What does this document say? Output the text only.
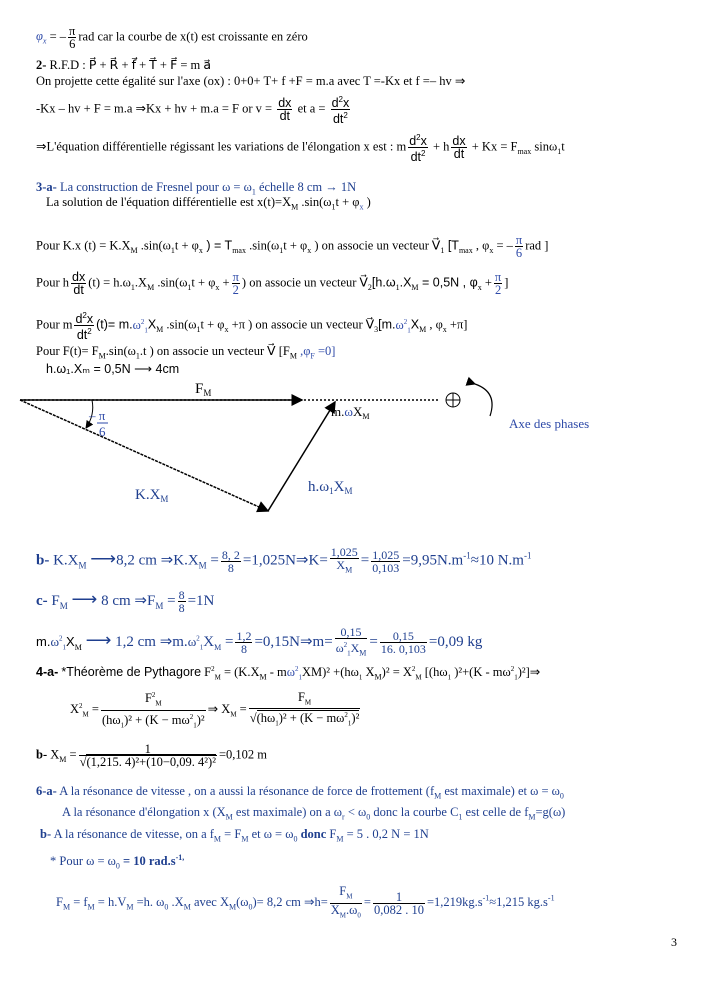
$\varphi_x$ = – $\frac{\pi}{6}$ rad car la courbe de x(t) est croissante en zéro
2- R.F.D : P⃗ + R⃗ + f⃗ + T⃗ + F⃗ = m a⃗
On projette cette égalité sur l'axe (ox) : 0+0+ T+ f +F = m.a avec T =-Kx et f =– hv ⇒
-Kx – hv + F = m.a ⇒Kx + hv + m.a = F or $v = \frac{dx}{dt}$ et $a = \frac{d^2x}{dt^2}$
⇒L'équation différentielle régissant les variations de l'élongation x est : m $\frac{d^2x}{dt^2} + h \frac{dx}{dt} + Kx = F_{max}$ sinω$_1$t
3-a- La construction de Fresnel pour $\omega = \omega_1$ échelle 8 cm → 1N
La solution de l'équation différentielle est $x(t)=X_M$ $.\sin(\omega_1t + \varphi_x$ )
Pour K.x $(t) = K.X_M$ $.\sin(\omega_1t + \varphi_x$ ) = $T_{max}$ $.\sin(\omega_1t + \varphi_x$ ) on associe un vecteur $V⃗_1$ [$T_{max}$ , $\varphi_x$ = – $\frac{\pi}{6}$ rad ]
Pour h $\frac{dx}{dt} (t) = h.\omega_1.X_M$ $.\sin(\omega_1t + \varphi_x + \frac{\pi}{2}$ ) on associe un vecteur $V⃗_2[h.\omega_1.X_M = 0,5N$ , $\varphi_x + \frac{\pi}{2}$ ]
Pour m $\frac{d^2x}{dt^2} (t)= m.\omega^2_1X_M$ $.\sin(\omega_1t + \varphi_x +\pi$ ) on associe un vecteur $V⃗_3[m.\omega^2_1X_M$ , $\varphi_x +\pi$]
Pour $F(t)= F_M.\sin(\omega_1.t$ ) on associe un vecteur V⃗ [$F_M$ $,\varphi_F =0$]
h.ω₁.Xₘ = 0,5N ⟶ 4cm
$F_M$
$m.\omega X_M$	Axe des phases
$K.X_M$
$h.\omega_1X_M$
– π
6
b- $K.X_M$ ⟶8,2 cm $\Rightarrow K.X_M = \frac{8, 2}{8}$ =1,025N⇒K= $\frac{1,025}{X_M} = \frac{1,025}{0,103} =9,95N.m^{-1}\approx 10$ $N.m^{-1}$
c- $F_M$ ⟶ 8 cm $\Rightarrow F_M = \frac{8}{8} =1N$
$m.\omega^2_1X_M$ ⟶ 1,2 cm $\Rightarrow m.\omega^2_1X_M = \frac{1,2}{8}$ =0,15N⇒m= $\frac{0,15}{\omega^2_1X_M} = \frac{0,15}{16. 0,103} =0,09$ kg
4-a- *Théorème de Pythagore $F^2_M = (K.X_M - m\omega^2_1XM)^2 +(h\omega_1$ $X_M)^2 = X^2_M$ [($h\omega_1$ )$^2+(K - m\omega^2_1)^2]\Rightarrow$
$X^2_M = \frac{F^2_M}{(h\omega_1)^2 + (K - m\omega^2_1)^2}$ ⇒ $X_M = \frac{F_M}{√(h\omega_1)^2 + (K - m\omega^2_1)^2}$
b- $X_M = \frac{1}{\text{√(1,215. 4)²+(10−0,09. 4²)²}} =0,102$ m
6-a- A la résonance de vitesse , on a aussi la résonance de force de frottement ($f_M$ est maximale) et $\omega = \omega_0$
A la résonance d'élongation x ($X_M$ est maximale) on a $\omega_r < \omega_0$ donc la courbe $C_1$ est celle de $f_M=g(\omega)$
b- A la résonance de vitesse, on a $f_M = F_M$ et $\omega = \omega_0$ donc $F_M = 5$ . 0,2 N = 1N
* Pour $\omega = \omega_0 = 10$ $rad.s^{-1,}$
$F_M = f_M = h.V_M =h$. $\omega_0$ $.X_M$ avec $X_M(\omega_0)= 8,2$ cm ⇒h= $\frac{F_M}{X_M.\omega_0} = \frac{1}{0,082 . 10} =1,219kg.s^{-1}\approx 1,215$ $kg.s^{-1}$
3
